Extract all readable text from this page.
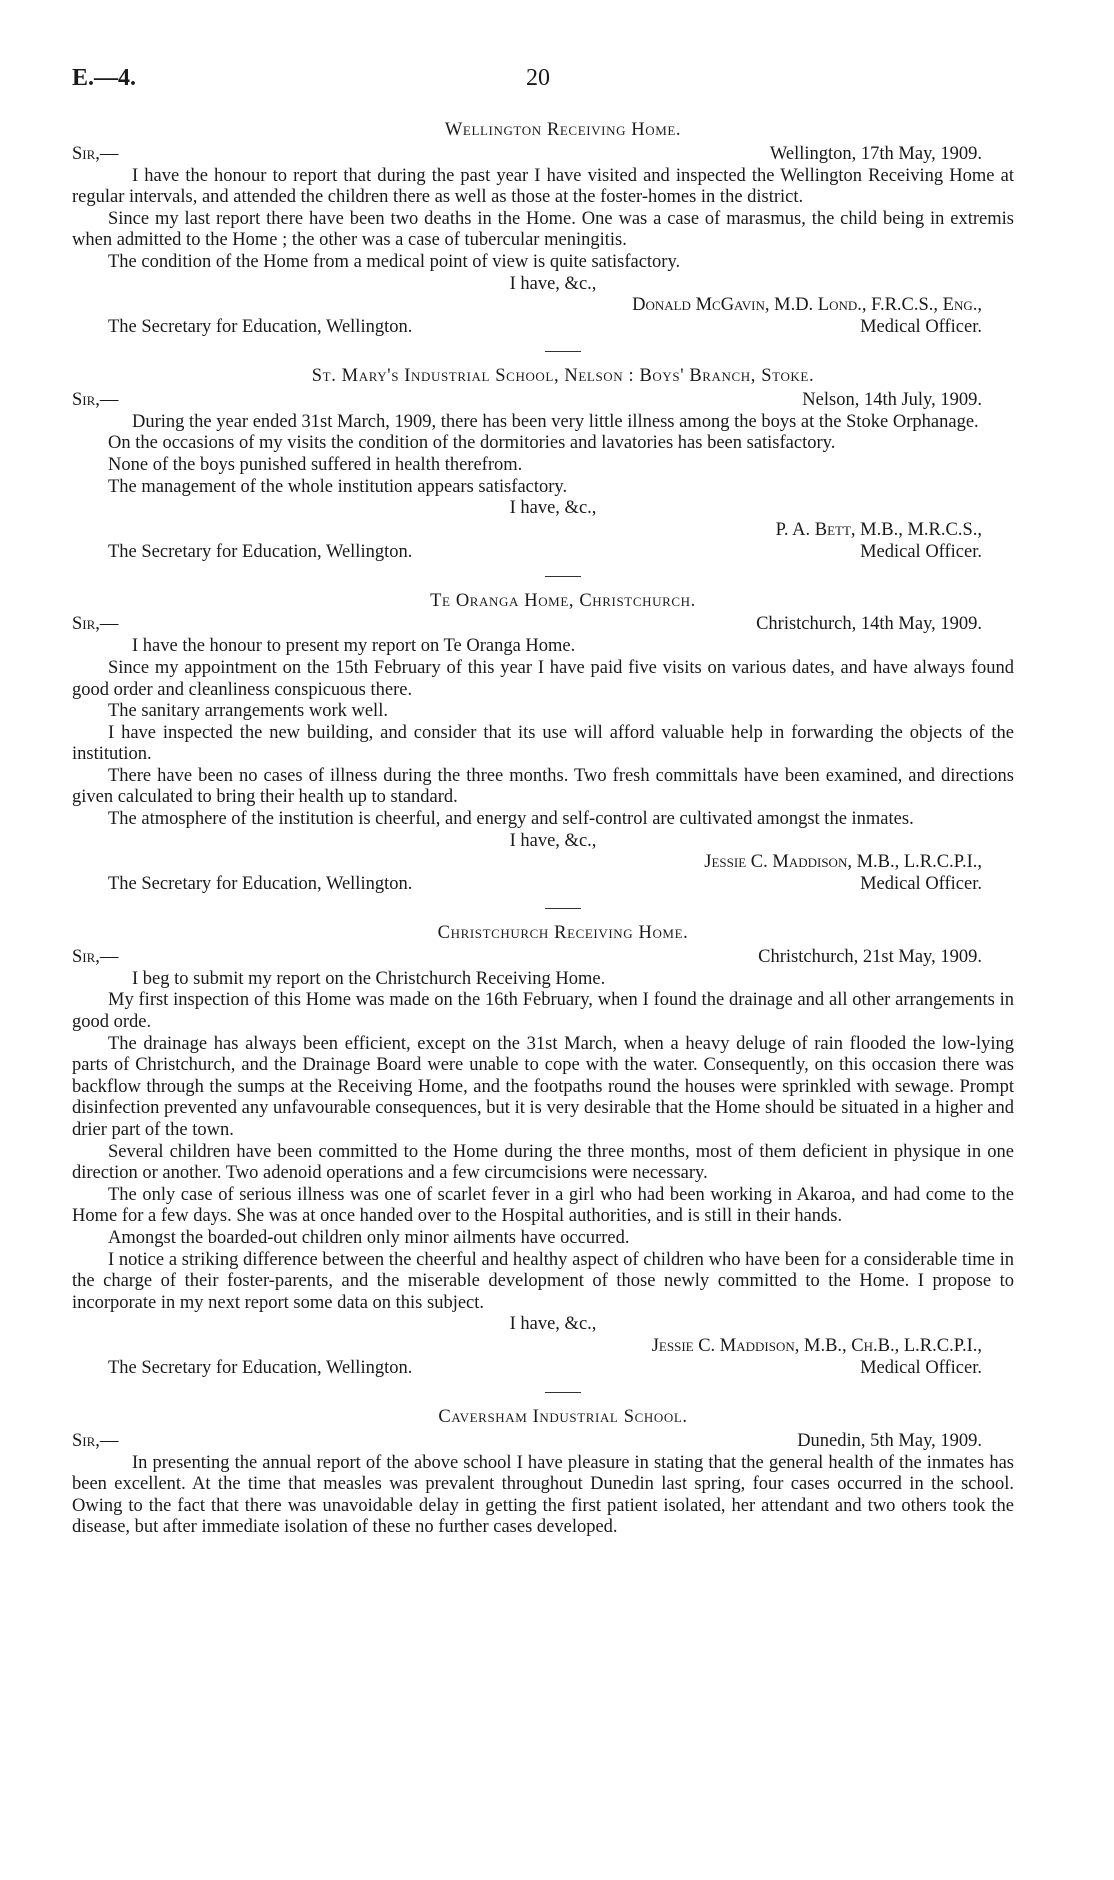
E.—4.	20
Wellington Receiving Home.
Sir,—	Wellington, 17th May, 1909.

I have the honour to report that during the past year I have visited and inspected the Wellington Receiving Home at regular intervals, and attended the children there as well as those at the foster-homes in the district.

Since my last report there have been two deaths in the Home. One was a case of marasmus, the child being in extremis when admitted to the Home ; the other was a case of tubercular meningitis.

The condition of the Home from a medical point of view is quite satisfactory.

I have, &c.,
Donald McGavin, M.D. Lond., F.R.C.S., Eng.,
The Secretary for Education, Wellington.	Medical Officer.
St. Mary's Industrial School, Nelson : Boys' Branch, Stoke.
Sir,—	Nelson, 14th July, 1909.

During the year ended 31st March, 1909, there has been very little illness among the boys at the Stoke Orphanage.

On the occasions of my visits the condition of the dormitories and lavatories has been satisfactory.

None of the boys punished suffered in health therefrom.

The management of the whole institution appears satisfactory.

I have, &c.,
P. A. Bett, M.B., M.R.C.S.,
The Secretary for Education, Wellington.	Medical Officer.
Te Oranga Home, Christchurch.
Sir,—	Christchurch, 14th May, 1909.

I have the honour to present my report on Te Oranga Home.

Since my appointment on the 15th February of this year I have paid five visits on various dates, and have always found good order and cleanliness conspicuous there.

The sanitary arrangements work well.

I have inspected the new building, and consider that its use will afford valuable help in forwarding the objects of the institution.

There have been no cases of illness during the three months. Two fresh committals have been examined, and directions given calculated to bring their health up to standard.

The atmosphere of the institution is cheerful, and energy and self-control are cultivated amongst the inmates.

I have, &c.,
Jessie C. Maddison, M.B., L.R.C.P.I.,
The Secretary for Education, Wellington.	Medical Officer.
Christchurch Receiving Home.
Sir,—	Christchurch, 21st May, 1909.

I beg to submit my report on the Christchurch Receiving Home.

My first inspection of this Home was made on the 16th February, when I found the drainage and all other arrangements in good orde.

The drainage has always been efficient, except on the 31st March, when a heavy deluge of rain flooded the low-lying parts of Christchurch, and the Drainage Board were unable to cope with the water. Consequently, on this occasion there was backflow through the sumps at the Receiving Home, and the footpaths round the houses were sprinkled with sewage. Prompt disinfection prevented any unfavourable consequences, but it is very desirable that the Home should be situated in a higher and drier part of the town.

Several children have been committed to the Home during the three months, most of them deficient in physique in one direction or another. Two adenoid operations and a few circumcisions were necessary.

The only case of serious illness was one of scarlet fever in a girl who had been working in Akaroa, and had come to the Home for a few days. She was at once handed over to the Hospital authorities, and is still in their hands.

Amongst the boarded-out children only minor ailments have occurred.

I notice a striking difference between the cheerful and healthy aspect of children who have been for a considerable time in the charge of their foster-parents, and the miserable development of those newly committed to the Home. I propose to incorporate in my next report some data on this subject.

I have, &c.,
Jessie C. Maddison, M.B., Ch.B., L.R.C.P.I.,
The Secretary for Education, Wellington.	Medical Officer.
Caversham Industrial School.
Sir,—	Dunedin, 5th May, 1909.

In presenting the annual report of the above school I have pleasure in stating that the general health of the inmates has been excellent. At the time that measles was prevalent throughout Dunedin last spring, four cases occurred in the school. Owing to the fact that there was unavoidable delay in getting the first patient isolated, her attendant and two others took the disease, but after immediate isolation of these no further cases developed.
